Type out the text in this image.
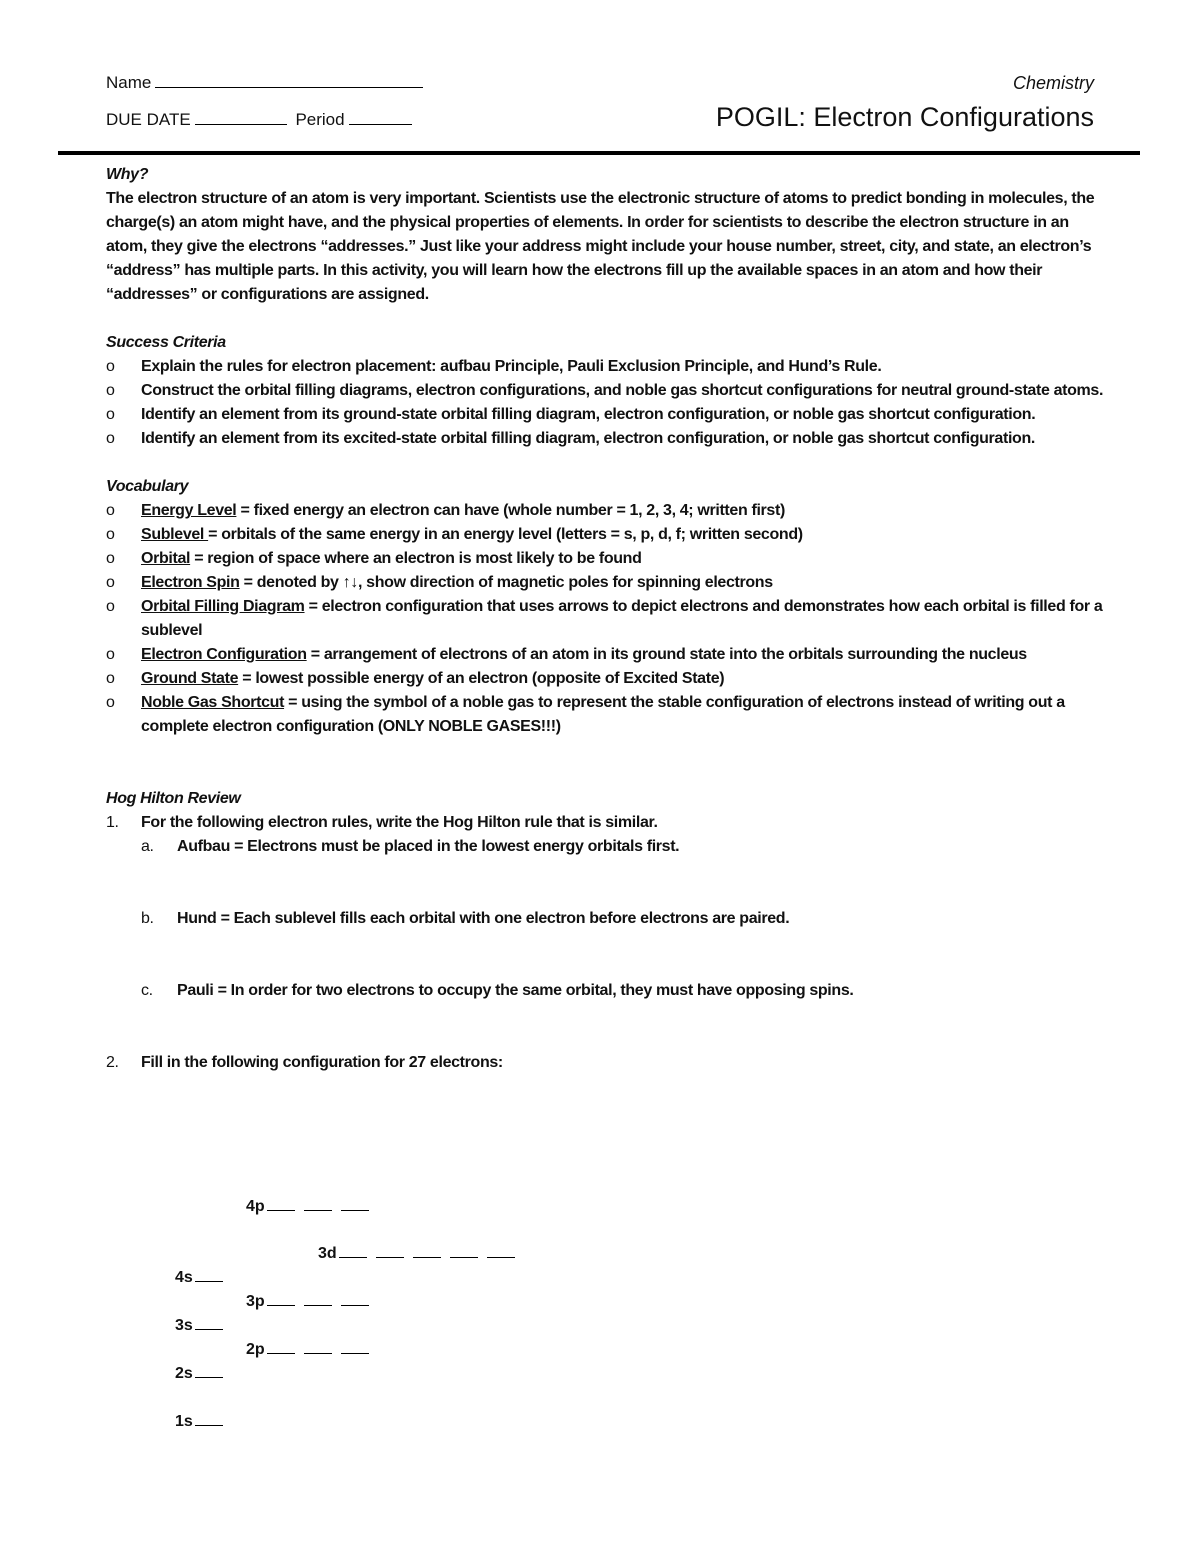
Name
DUE DATE	Period
Chemistry
POGIL: Electron Configurations
Why?

The electron structure of an atom is very important. Scientists use the electronic structure of atoms to predict bonding in molecules, the charge(s) an atom might have, and the physical properties of elements. In order for scientists to describe the electron structure in an atom, they give the electrons “addresses.” Just like your address might include your house number, street, city, and state, an electron’s “address” has multiple parts. In this activity, you will learn how the electrons fill up the available spaces in an atom and how their “addresses” or configurations are assigned.

Success Criteria
o Explain the rules for electron placement: aufbau Principle, Pauli Exclusion Principle, and Hund’s Rule.
o Construct the orbital filling diagrams, electron configurations, and noble gas shortcut configurations for neutral ground-state atoms.
o Identify an element from its ground-state orbital filling diagram, electron configuration, or noble gas shortcut configuration.
o Identify an element from its excited-state orbital filling diagram, electron configuration, or noble gas shortcut configuration.
Vocabulary
o Energy Level = fixed energy an electron can have (whole number = 1, 2, 3, 4; written first)
o Sublevel = orbitals of the same energy in an energy level (letters = s, p, d, f; written second)
o Orbital = region of space where an electron is most likely to be found
o Electron Spin = denoted by ↑↓, show direction of magnetic poles for spinning electrons
o Orbital Filling Diagram = electron configuration that uses arrows to depict electrons and demonstrates how each orbital is filled for a sublevel
o Electron Configuration = arrangement of electrons of an atom in its ground state into the orbitals surrounding the nucleus
o Ground State = lowest possible energy of an electron (opposite of Excited State)
o Noble Gas Shortcut = using the symbol of a noble gas to represent the stable configuration of electrons instead of writing out a complete electron configuration (ONLY NOBLE GASES!!!)
Hog Hilton Review
1. For the following electron rules, write the Hog Hilton rule that is similar.
a. Aufbau = Electrons must be placed in the lowest energy orbitals first.
b. Hund = Each sublevel fills each orbital with one electron before electrons are paired.
c. Pauli = In order for two electrons to occupy the same orbital, they must have opposing spins.
2. Fill in the following configuration for 27 electrons:
4p
3d
4s
3p
3s
2p
2s
1s
